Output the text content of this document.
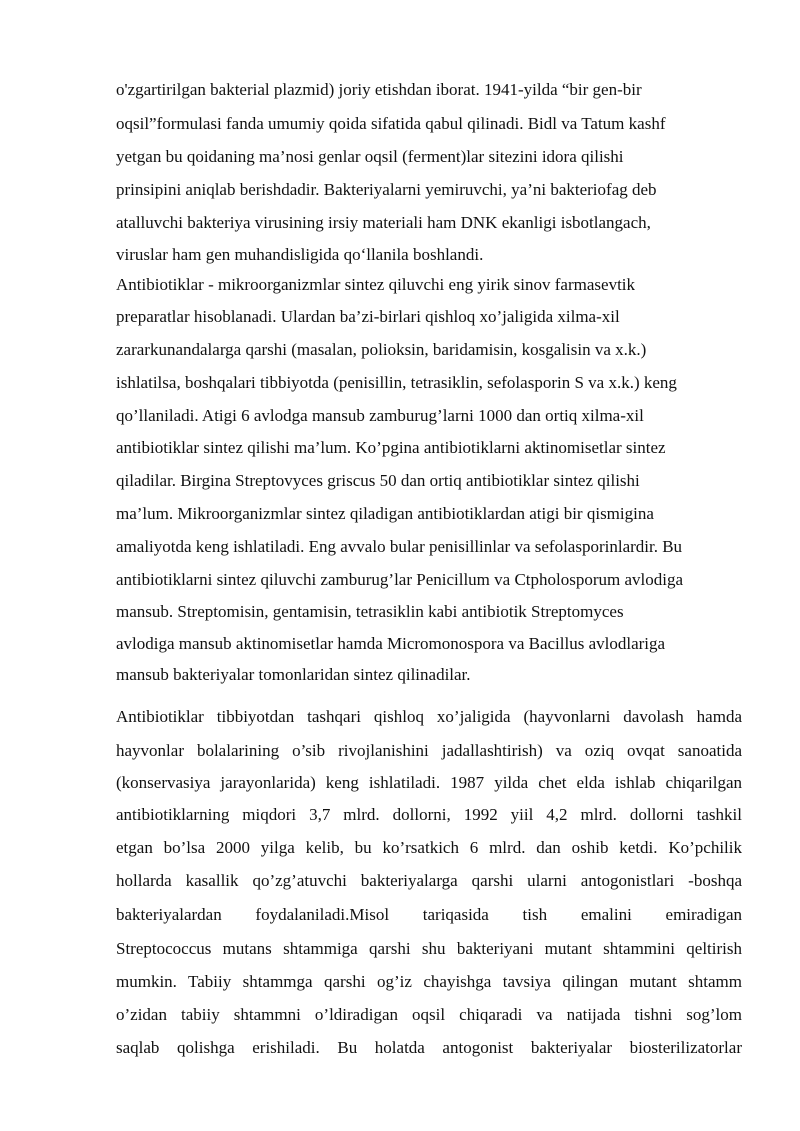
o'zgartirilgan bakterial plazmid) joriy etishdan iborat. 1941-yilda “bir gen-bir
oqsil”formulasi fanda umumiy qoida sifatida qabul qilinadi. Bidl va Tatum kashf
yetgan bu qoidaning ma’nosi genlar oqsil (ferment)lar sitezini idora qilishi
prinsipini aniqlab berishdadir. Bakteriyalarni yemiruvchi, ya’ni bakteriofag deb
atalluvchi bakteriya virusining irsiy materiali ham DNK ekanligi isbotlangach,
viruslar ham gen muhandisligida qo‘llanila boshlandi.
Antibiotiklar - mikroorganizmlar sintez qiluvchi eng yirik sinov farmasevtik
preparatlar hisoblanadi. Ulardan ba’zi-birlari qishloq xo’jaligida xilma-xil
zararkunandalarga qarshi (masalan, polioksin, baridamisin, kosgalisin va x.k.)
ishlatilsa, boshqalari tibbiyotda (penisillin, tetrasiklin, sefolasporin S va x.k.) keng
qo’llaniladi. Atigi 6 avlodga mansub zamburug’larni 1000 dan ortiq xilma-xil
antibiotiklar sintez qilishi ma’lum. Ko’pgina antibiotiklarni aktinomisetlar sintez
qiladilar. Birgina Streptovyces griscus 50 dan ortiq antibiotiklar sintez qilishi
ma’lum. Mikroorganizmlar sintez qiladigan antibiotiklardan atigi bir qismigina
amaliyotda keng ishlatiladi. Eng avvalo bular penisillinlar va sefolasporinlardir. Bu
antibiotiklarni sintez qiluvchi zamburug’lar Penicillum va Ctpholosporum avlodiga
mansub. Streptomisin, gentamisin, tetrasiklin kabi antibiotik Streptomyces
avlodiga mansub aktinomisetlar hamda Micromonospora va Bacillus avlodlariga
mansub bakteriyalar tomonlaridan sintez qilinadilar.
Antibiotiklar tibbiyotdan tashqari qishloq xo’jaligida (hayvonlarni davolash hamda
hayvonlar bolalarining o’sib rivojlanishini jadallashtirish) va oziq ovqat sanoatida
(konservasiya jarayonlarida) keng ishlatiladi. 1987 yilda chet elda ishlab chiqarilgan
antibiotiklarning miqdori 3,7 mlrd. dollorni, 1992 yiil 4,2 mlrd. dollorni tashkil
etgan bo’lsa 2000 yilga kelib, bu ko’rsatkich 6 mlrd. dan oshib ketdi. Ko’pchilik
hollarda kasallik qo’zg’atuvchi bakteriyalarga qarshi ularni antogonistlari -boshqa
bakteriyalardan foydalaniladi.Misol tariqasida tish emalini emiradigan
Streptococcus mutans shtammiga qarshi shu bakteriyani mutant shtammini qeltirish
mumkin. Tabiiy shtammga qarshi og’iz chayishga tavsiya qilingan mutant shtamm
o’zidan tabiiy shtammni o’ldiradigan oqsil chiqaradi va natijada tishni sog’lom
saqlab qolishga erishiladi. Bu holatda antogonist bakteriyalar biosterilizatorlar
